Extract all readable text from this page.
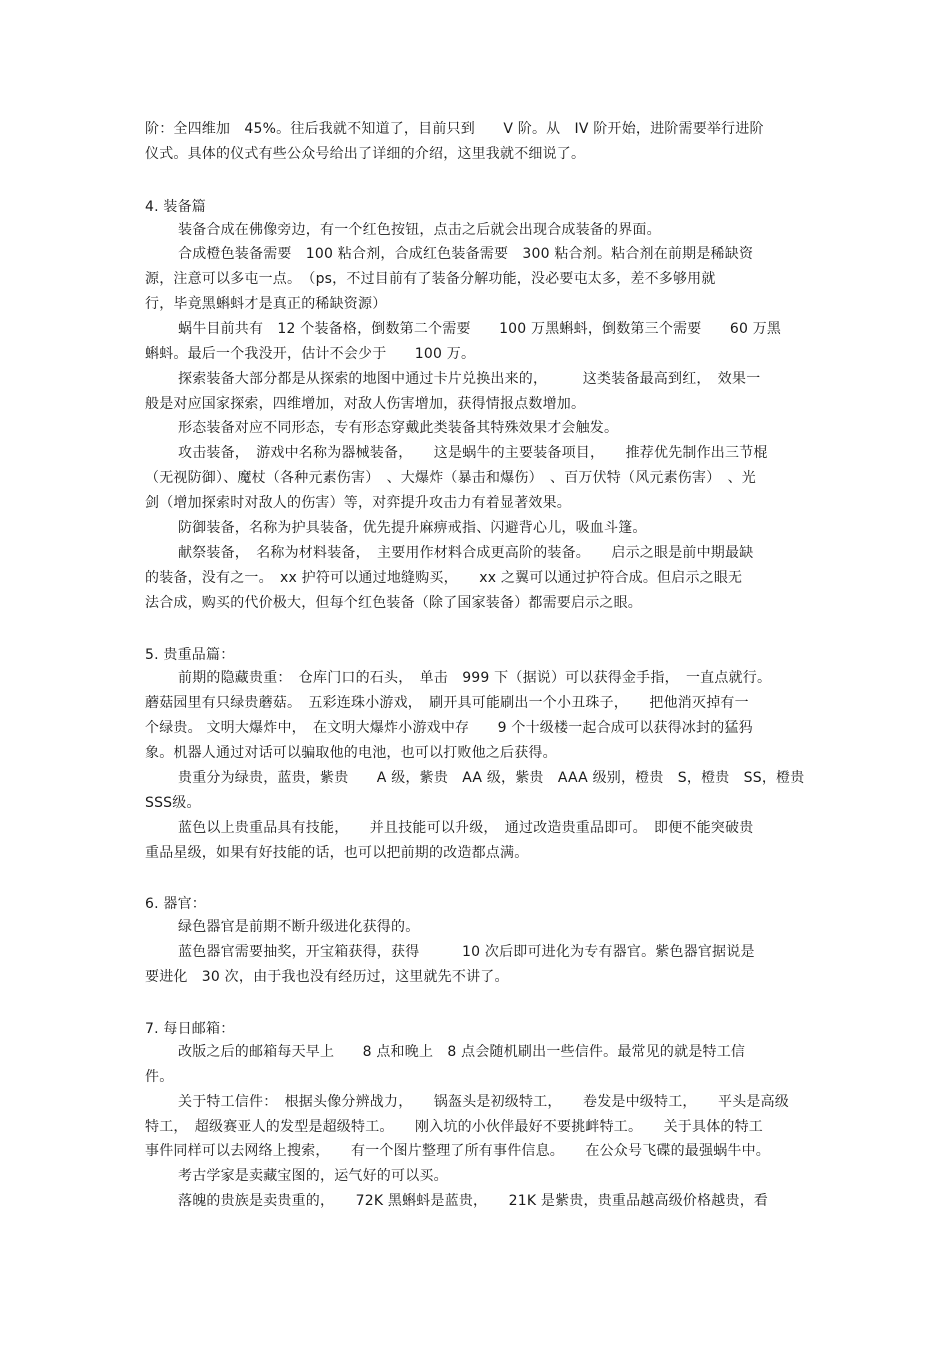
阶：全四维加　45%。往后我就不知道了，目前只到　　V 阶。从　IV 阶开始，进阶需要举行进阶
仪式。具体的仪式有些公众号给出了详细的介绍，这里我就不细说了。
4. 装备篇
装备合成在佛像旁边，有一个红色按钮，点击之后就会出现合成装备的界面。
合成橙色装备需要　100 粘合剂，合成红色装备需要　300 粘合剂。粘合剂在前期是稀缺资
源，注意可以多屯一点。　（ps，不过目前有了装备分解功能，没必要屯太多，差不多够用就
行，毕竟黑蝌蚪才是真正的稀缺资源）
蜗牛目前共有　12 个装备格，倒数第二个需要　　100 万黑蝌蚪，倒数第三个需要　　60 万黑
蝌蚪。最后一个我没开，估计不会少于　　100 万。
探索装备大部分都是从探索的地图中通过卡片兑换出来的，　　　这类装备最高到红，　效果一
般是对应国家探索，四维增加，对敌人伤害增加，获得情报点数增加。
形态装备对应不同形态，专有形态穿戴此类装备其特殊效果才会触发。
攻击装备，　游戏中名称为器械装备，　　这是蜗牛的主要装备项目，　　推荐优先制作出三节棍
（无视防御）、魔杖（各种元素伤害）　、大爆炸（暴击和爆伤）　、百万伏特（风元素伤害）　、光
剑（增加探索时对敌人的伤害）等，对弈提升攻击力有着显著效果。
防御装备，名称为护具装备，优先提升麻痹戒指、闪避背心儿，吸血斗篷。
献祭装备，　名称为材料装备，　主要用作材料合成更高阶的装备。　　启示之眼是前中期最缺
的装备，没有之一。　xx 护符可以通过地缝购买，　　xx 之翼可以通过护符合成。但启示之眼无
法合成，购买的代价极大，但每个红色装备（除了国家装备）都需要启示之眼。
5. 贵重品篇：
前期的隐藏贵重：　仓库门口的石头，　单击　999 下（据说）可以获得金手指，　一直点就行。
蘑菇园里有只绿贵蘑菇。　五彩连珠小游戏，　刷开具可能刷出一个小丑珠子，　　把他消灭掉有一
个绿贵。 文明大爆炸中，　在文明大爆炸小游戏中存　　9 个十级楼一起合成可以获得冰封的猛犸
象。机器人通过对话可以骗取他的电池，也可以打败他之后获得。
贵重分为绿贵，蓝贵，紫贵　　A 级，紫贵　AA 级，紫贵　AAA 级别，橙贵　S，橙贵　SS，橙贵
SSS级。
蓝色以上贵重品具有技能，　　并且技能可以升级，　通过改造贵重品即可。　即便不能突破贵
重品星级，如果有好技能的话，也可以把前期的改造都点满。
6. 器官：
绿色器官是前期不断升级进化获得的。
蓝色器官需要抽奖，开宝箱获得，获得　　　10 次后即可进化为专有器官。紫色器官据说是
要进化　30 次，由于我也没有经历过，这里就先不讲了。
7. 每日邮箱：
改版之后的邮箱每天早上　　8 点和晚上　8 点会随机刷出一些信件。最常见的就是特工信
件。
关于特工信件：　根据头像分辨战力，　　锅盔头是初级特工，　　卷发是中级特工，　　平头是高级
特工，　超级赛亚人的发型是超级特工。　　刚入坑的小伙伴最好不要挑衅特工。　　关于具体的特工
事件同样可以去网络上搜索，　　有一个图片整理了所有事件信息。　　在公众号飞碟的最强蜗牛中。
考古学家是卖藏宝图的，运气好的可以买。
落魄的贵族是卖贵重的，　　72K 黑蝌蚪是蓝贵，　　21K 是紫贵，贵重品越高级价格越贵，看
